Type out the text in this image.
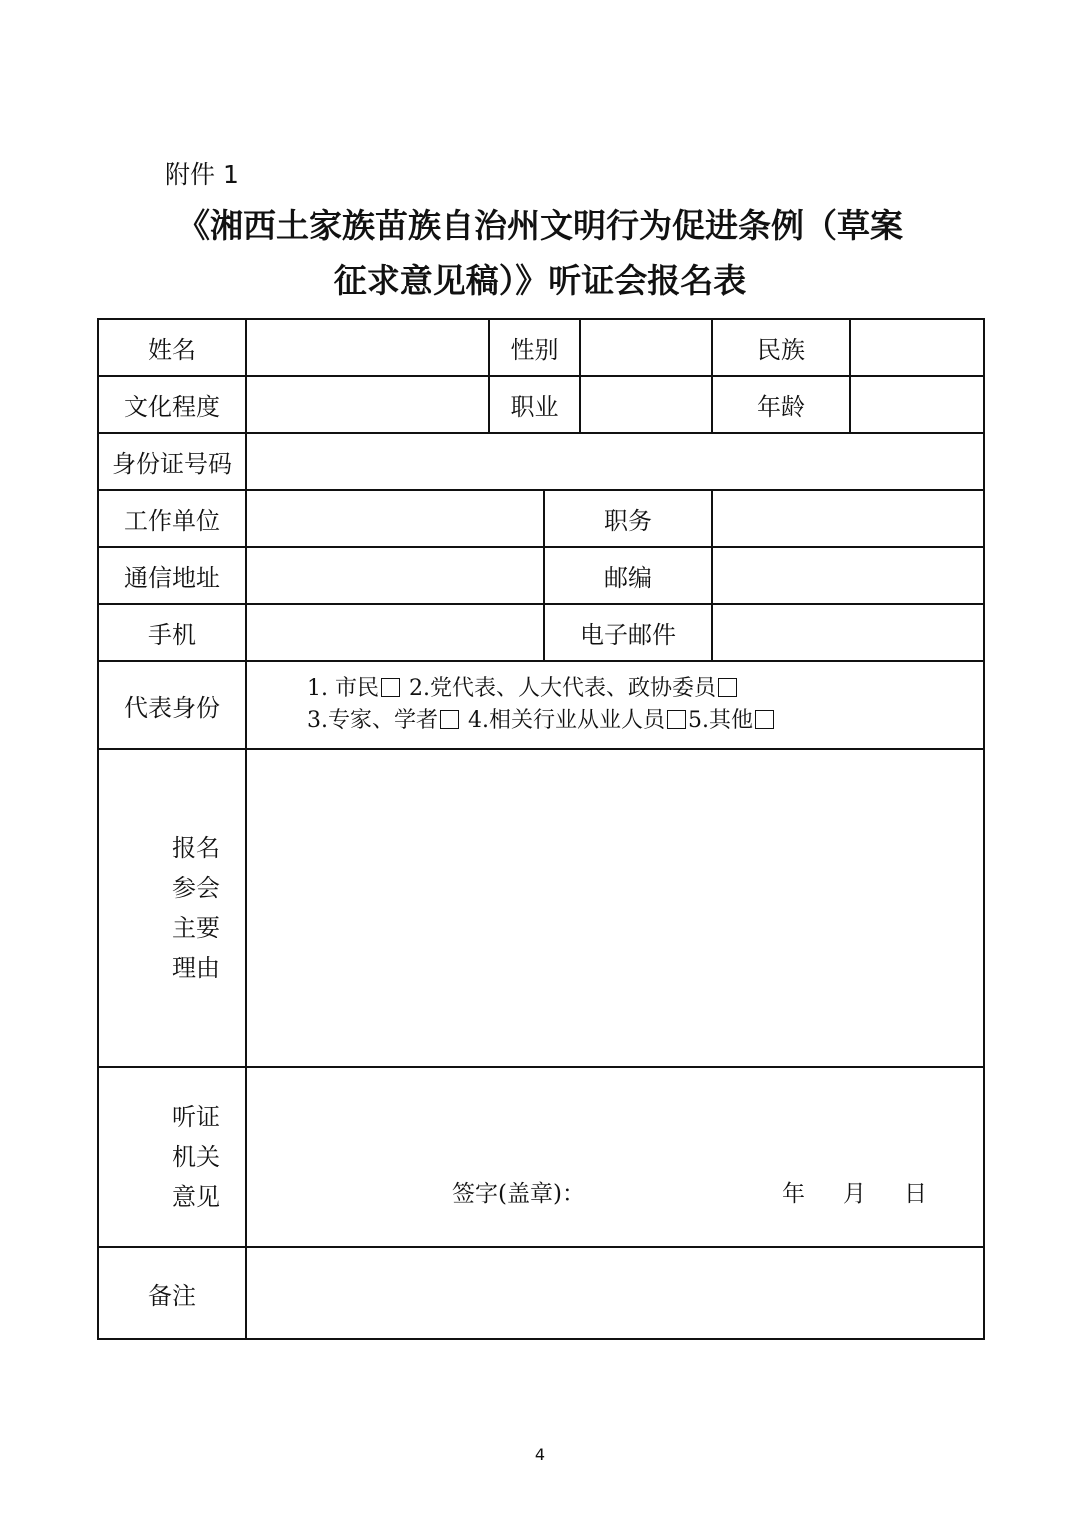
附件 1
《湘西土家族苗族自治州文明行为促进条例（草案
征求意见稿）》听证会报名表
姓名		性别			民族	
文化程度		职业			年龄	
身份证号码						
工作单位			职务			
通信地址			邮编			
手机			电子邮件			
代表身份	1. 市民 2.党代表、人大代表、政协委员
3.专家、学者 4.相关行业从业人员 5.其他					

报名
参会
主要
理由						

听证
机关
意见	签字(盖章)： 年 月 日					

备注						
4
